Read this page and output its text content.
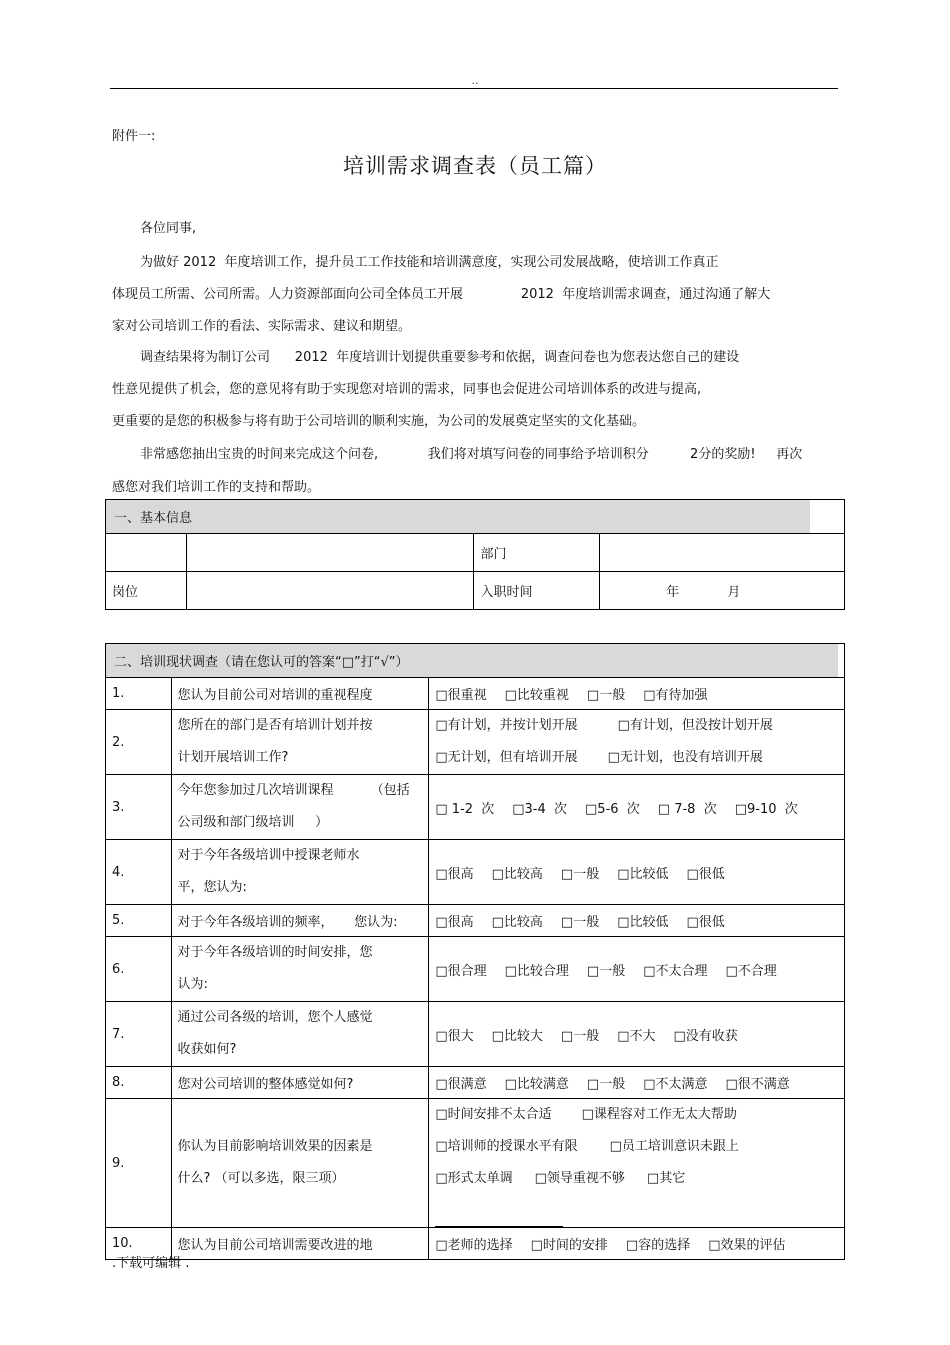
..
附件一:
培训需求调查表（员工篇）
各位同事,
为做好 2012  年度培训工作，提升员工工作技能和培训满意度，实现公司发展战略，使培训工作真正
体现员工所需、公司所需。人力资源部面向公司全体员工开展              2012  年度培训需求调查，通过沟通了解大
家对公司培训工作的看法、实际需求、建议和期望。
调查结果将为制订公司      2012  年度培训计划提供重要参考和依据，调查问卷也为您表达您自己的建设
性意见提供了机会，您的意见将有助于实现您对培训的需求，同事也会促进公司培训体系的改进与提高,
更重要的是您的积极参与将有助于公司培训的顺利实施，为公司的发展奠定坚实的文化基础。
非常感您抽出宝贵的时间来完成这个问卷,            我们将对填写问卷的同事给予培训积分          2分的奖励!     再次
感您对我们培训工作的支持和帮助。
一、基本信息			

		部门	
岗位		入职时间	年 月
二、培训现状调查（请在您认可的答案“□”打“√”）		

1.	您认为目前公司对培训的重视程度	□很重视 □比较重视 □一般 □有待加强
2.	您所在的部门是否有培训计划并按
计划开展培训工作?	□有计划，并按计划开展 □有计划，但没按计划开展
□无计划，但有培训开展 □无计划，也没有培训开展

3.	今年您参加过几次培训课程         （包括
公司级和部门级培训     ）	□ 1-2  次 □3-4  次 □5-6  次 □ 7-8  次 □9-10  次
4.	对于今年各级培训中授课老师水
平，您认为:	□很高 □比较高 □一般 □比较低 □很低
5.	对于今年各级培训的频率，     您认为:	□很高 □比较高 □一般 □比较低 □很低
6.	对于今年各级培训的时间安排，您
认为:	□很合理 □比较合理 □一般 □不太合理 □不合理
7.	通过公司各级的培训，您个人感觉
收获如何?	□很大 □比较大 □一般 □不大 □没有收获
8.	您对公司培训的整体感觉如何?	□很满意 □比较满意 □一般 □不太满意 □很不满意
9.	你认为目前影响培训效果的因素是
什么? （可以多选，限三项）	□时间安排不太合适 □课程容对工作无太大帮助
□培训师的授课水平有限 □员工培训意识未跟上
□形式太单调 □领导重视不够 □其它

10.	您认为目前公司培训需要改进的地	□老师的选择 □时间的安排 □容的选择 □效果的评估
.下载可编辑 .
